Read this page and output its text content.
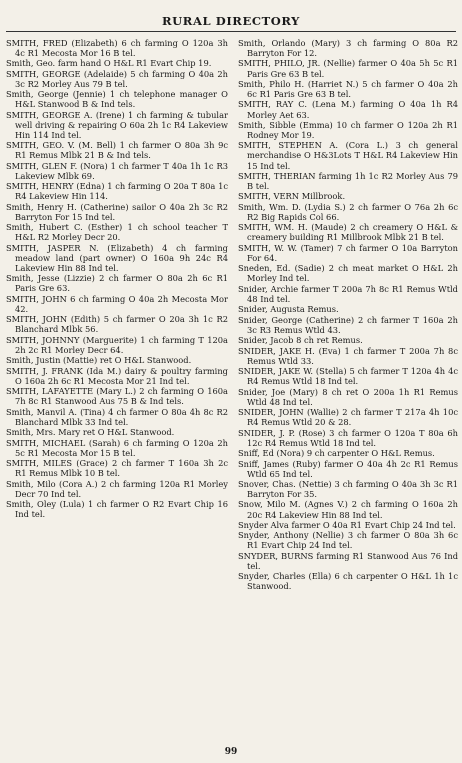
RURAL DIRECTORY
SMITH, FRED (Elizabeth) 6 ch farming O 120a 3h 4c R1 Mecosta Mor 16 B tel.
Smith, Geo. farm hand O H&L R1 Evart Chip 19.
SMITH, GEORGE (Adelaide) 5 ch farming O 40a 2h 3c R2 Morley Aus 79 B tel.
Smith, George (Jennie) 1 ch telephone manager O H&L Stanwood B & Ind tels.
SMITH, GEORGE A. (Irene) 1 ch farming & tubular well driving & repairing O 60a 2h 1c R4 Lakeview Hin 114 Ind tel.
SMITH, GEO. V. (M. Bell) 1 ch farmer O 80a 3h 9c R1 Remus Mlbk 21 B & Ind tels.
SMITH, GLEN F. (Nora) 1 ch farmer T 40a 1h 1c R3 Lakeview Mlbk 69.
SMITH, HENRY (Edna) 1 ch farming O 20a T 80a 1c R4 Lakeview Hin 114.
Smith, Henry H. (Catherine) sailor O 40a 2h 3c R2 Barryton For 15 Ind tel.
Smith, Hubert C. (Esther) 1 ch school teacher T H&L R2 Morley Decr 20.
SMITH, JASPER N. (Elizabeth) 4 ch farming meadow land (part owner) O 160a 9h 24c R4 Lakeview Hin 88 Ind tel.
Smith, Jesse (Lizzie) 2 ch farmer O 80a 2h 6c R1 Paris Gre 63.
SMITH, JOHN 6 ch farming O 40a 2h Mecosta Mor 42.
SMITH, JOHN (Edith) 5 ch farmer O 20a 3h 1c R2 Blanchard Mlbk 56.
SMITH, JOHNNY (Marguerite) 1 ch farming T 120a 2h 2c R1 Morley Decr 64.
Smith, Justin (Mattie) ret O H&L Stanwood.
SMITH, J. FRANK (Ida M.) dairy & poultry farming O 160a 2h 6c R1 Mecosta Mor 21 Ind tel.
SMITH, LAFAYETTE (Mary L.) 2 ch farming O 160a 7h 8c R1 Stanwood Aus 75 B & Ind tels.
Smith, Manvil A. (Tina) 4 ch farmer O 80a 4h 8c R2 Blanchard Mlbk 33 Ind tel.
Smith, Mrs. Mary ret O H&L Stanwood.
SMITH, MICHAEL (Sarah) 6 ch farming O 120a 2h 5c R1 Mecosta Mor 15 B tel.
SMITH, MILES (Grace) 2 ch farmer T 160a 3h 2c R1 Remus Mlbk 10 B tel.
Smith, Milo (Cora A.) 2 ch farming 120a R1 Morley Decr 70 Ind tel.
Smith, Oley (Lula) 1 ch farmer O R2 Evart Chip 16 Ind tel.
Smith, Orlando (Mary) 3 ch farming O 80a R2 Barryton For 12.
SMITH, PHILO, JR. (Nellie) farmer O 40a 5h 5c R1 Paris Gre 63 B tel.
Smith, Philo H. (Harriet N.) 5 ch farmer O 40a 2h 6c R1 Paris Gre 63 B tel.
SMITH, RAY C. (Lena M.) farming O 40a 1h R4 Morley Aet 63.
Smith, Sibble (Emma) 10 ch farmer O 120a 2h R1 Rodney Mor 19.
SMITH, STEPHEN A. (Cora L.) 3 ch general merchandise O H&3Lots T H&L R4 Lakeview Hin 15 Ind tel.
SMITH, THERIAN farming 1h 1c R2 Morley Aus 79 B tel.
SMITH, VERN Millbrook.
Smith, Wm. D. (Lydia S.) 2 ch farmer O 76a 2h 6c R2 Big Rapids Col 66.
SMITH, WM. H. (Maude) 2 ch creamery O H&L & creamery building R1 Millbrook Mlbk 21 B tel.
SMITH, W. W. (Tamer) 7 ch farmer O 10a Barryton For 64.
Sneden, Ed. (Sadie) 2 ch meat market O H&L 2h Morley Ind tel.
Snider, Archie farmer T 200a 7h 8c R1 Remus Wtld 48 Ind tel.
Snider, Augusta Remus.
Snider, George (Catherine) 2 ch farmer T 160a 2h 3c R3 Remus Wtld 43.
Snider, Jacob 8 ch ret Remus.
SNIDER, JAKE H. (Eva) 1 ch farmer T 200a 7h 8c Remus Wtld 33.
SNIDER, JAKE W. (Stella) 5 ch farmer T 120a 4h 4c R4 Remus Wtld 18 Ind tel.
Snider, Joe (Mary) 8 ch ret O 200a 1h R1 Remus Wtld 48 Ind tel.
SNIDER, JOHN (Wallie) 2 ch farmer T 217a 4h 10c R4 Remus Wtld 20 & 28.
SNIDER, J. P. (Rose) 3 ch farmer O 120a T 80a 6h 12c R4 Remus Wtld 18 Ind tel.
Sniff, Ed (Nora) 9 ch carpenter O H&L Remus.
Sniff, James (Ruby) farmer O 40a 4h 2c R1 Remus Wtld 65 Ind tel.
Snover, Chas. (Nettie) 3 ch farming O 40a 3h 3c R1 Barryton For 35.
Snow, Milo M. (Agnes V.) 2 ch farming O 160a 2h 20c R4 Lakeview Hin 88 Ind tel.
Snyder Alva farmer O 40a R1 Evart Chip 24 Ind tel.
Snyder, Anthony (Nellie) 3 ch farmer O 80a 3h 6c R1 Evart Chip 24 Ind tel.
SNYDER, BURNS farming R1 Stanwood Aus 76 Ind tel.
Snyder, Charles (Ella) 6 ch carpenter O H&L 1h 1c Stanwood.
99
